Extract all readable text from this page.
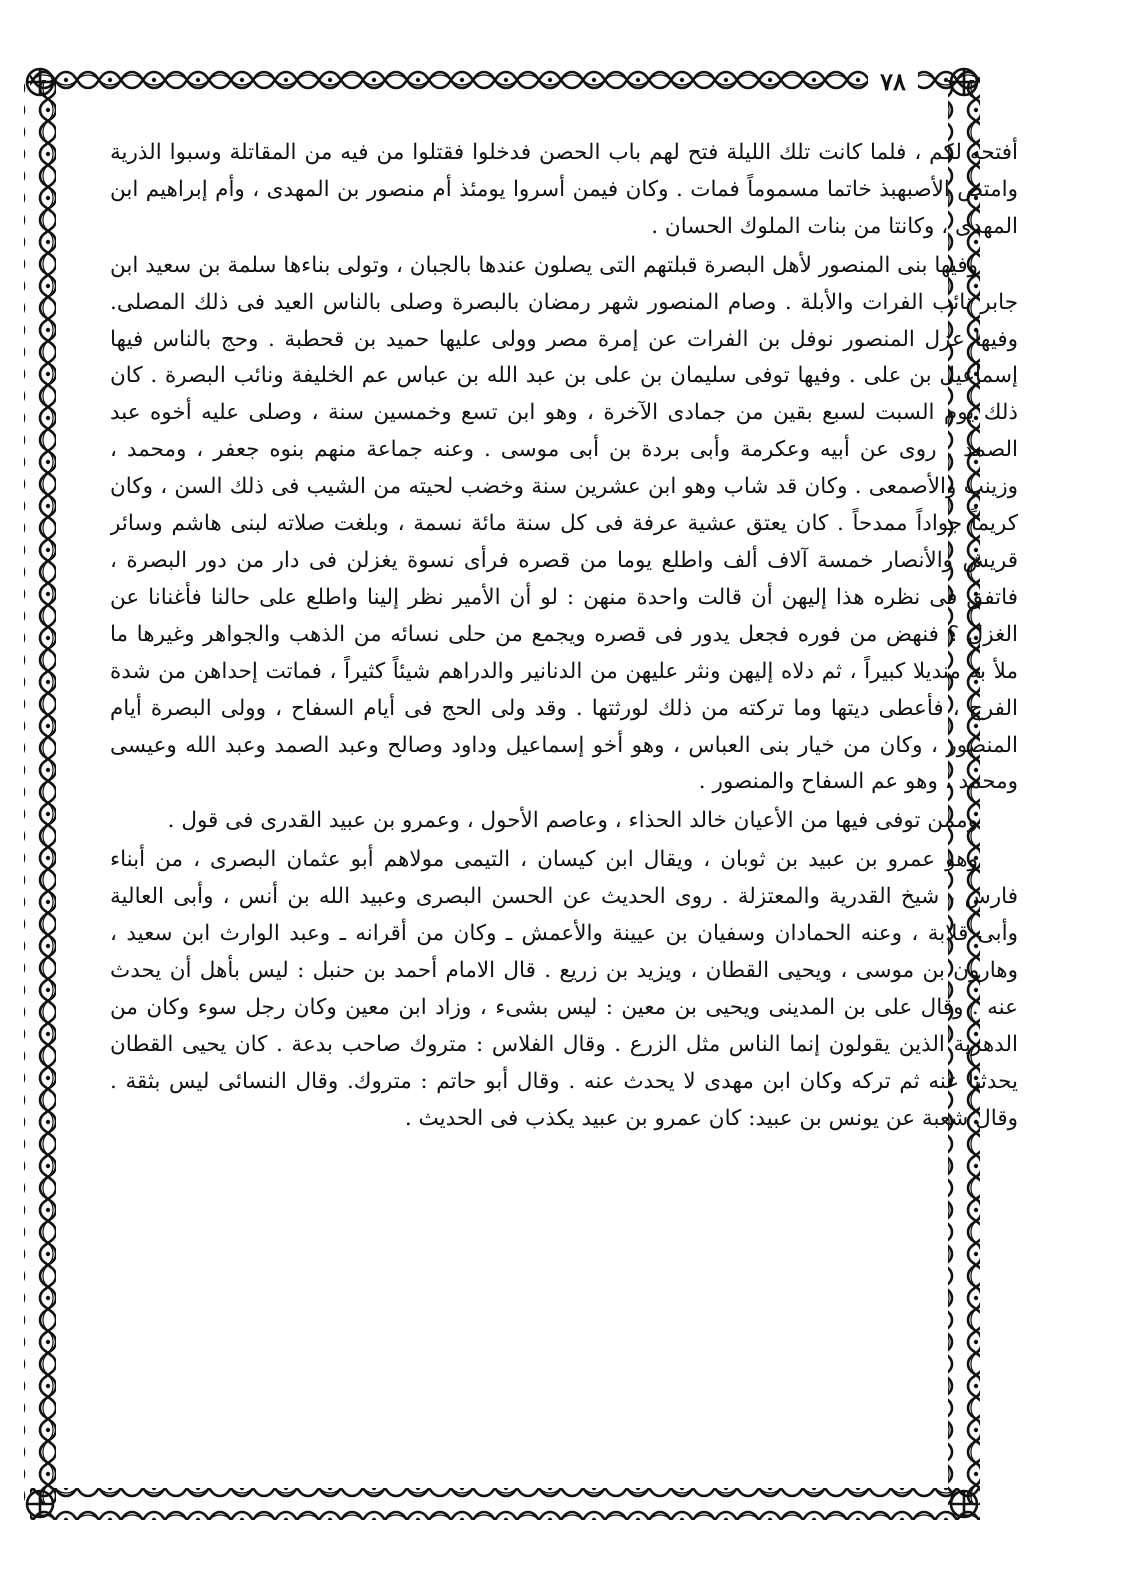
٧٨

أفتحه لكم ، فلما كانت تلك الليلة فتح لهم باب الحصن فدخلوا فقتلوا من فيه من المقاتلة وسبوا الذرية وامتص الأصبهبذ خاتما مسموماً فمات . وكان فيمن أسروا يومئذ أم منصور بن المهدى ، وأم إبراهيم ابن المهدى ، وكانتا من بنات الملوك الحسان .

وفيها بنى المنصور لأهل البصرة قبلتهم التى يصلون عندها بالجبان ، وتولى بناءها سلمة بن سعيد ابن جابر نائب الفرات والأبلة . وصام المنصور شهر رمضان بالبصرة وصلى بالناس العيد فى ذلك المصلى. وفيها عزل المنصور نوفل بن الفرات عن إمرة مصر وولى عليها حميد بن قحطبة . وحج بالناس فيها إسماعيل بن على . وفيها توفى سليمان بن على بن عبد الله بن عباس عم الخليفة ونائب البصرة . كان ذلك يوم السبت لسبع بقين من جمادى الآخرة ، وهو ابن تسع وخمسين سنة ، وصلى عليه أخوه عبد الصمد . روى عن أبيه وعكرمة وأبى بردة بن أبى موسى . وعنه جماعة منهم بنوه جعفر ، ومحمد ، وزينب والأصمعى . وكان قد شاب وهو ابن عشرين سنة وخضب لحيته من الشيب فى ذلك السن ، وكان كريماً جواداً ممدحاً . كان يعتق عشية عرفة فى كل سنة مائة نسمة ، وبلغت صلاته لبنى هاشم وسائر قريش والأنصار خمسة آلاف ألف واطلع يوما من قصره فرأى نسوة يغزلن فى دار من دور البصرة ، فاتفق فى نظره هذا إليهن أن قالت واحدة منهن : لو أن الأمير نظر إلينا واطلع على حالنا فأغنانا عن الغزل ؟ فنهض من فوره فجعل يدور فى قصره ويجمع من حلى نسائه من الذهب والجواهر وغيرها ما ملأ به منديلا كبيراً ، ثم دلاه إليهن ونثر عليهن من الدنانير والدراهم شيئاً كثيراً ، فماتت إحداهن من شدة الفرح ، فأعطى ديتها وما تركته من ذلك لورثتها . وقد ولى الحج فى أيام السفاح ، وولى البصرة أيام المنصور ، وكان من خيار بنى العباس ، وهو أخو إسماعيل وداود وصالح وعبد الصمد وعبد الله وعيسى ومحمد ، وهو عم السفاح والمنصور .

وممن توفى فيها من الأعيان خالد الحذاء ، وعاصم الأحول ، وعمرو بن عبيد القدرى فى قول .

وهو عمرو بن عبيد بن ثوبان ، ويقال ابن كيسان ، التيمى مولاهم أبو عثمان البصرى ، من أبناء فارس ، شيخ القدرية والمعتزلة . روى الحديث عن الحسن البصرى وعبيد الله بن أنس ، وأبى العالية وأبى قلابة ، وعنه الحمادان وسفيان بن عيينة والأعمش ـ وكان من أقرانه ـ وعبد الوارث ابن سعيد ، وهارون بن موسى ، ويحيى القطان ، ويزيد بن زريع . قال الامام أحمد بن حنبل : ليس بأهل أن يحدث عنه . وقال على بن المدينى ويحيى بن معين : ليس بشىء ، وزاد ابن معين وكان رجل سوء وكان من الدهرية الذين يقولون إنما الناس مثل الزرع . وقال الفلاس : متروك صاحب بدعة . كان يحيى القطان يحدثنا عنه ثم تركه وكان ابن مهدى لا يحدث عنه . وقال أبو حاتم : متروك. وقال النسائى ليس بثقة . وقال شعبة عن يونس بن عبيد: كان عمرو بن عبيد يكذب فى الحديث .
